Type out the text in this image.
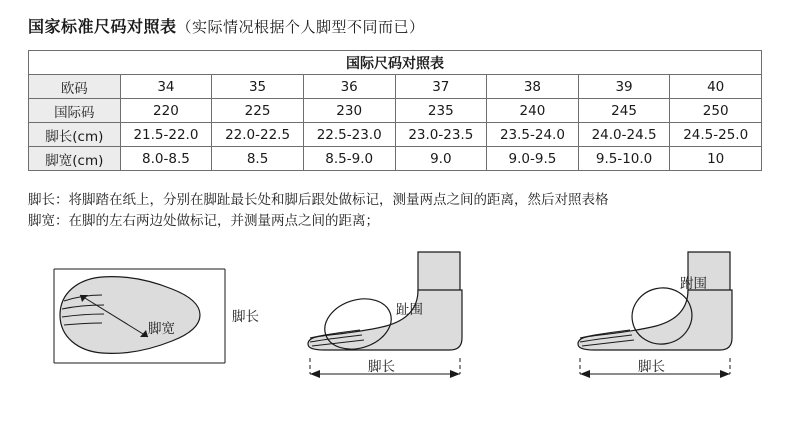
国家标准尺码对照表（实际情况根据个人脚型不同而已）
国际尺码对照表							
欧码	34	35	36	37	38	39	40
国际码	220	225	230	235	240	245	250
脚长(cm)	21.5-22.0	22.0-22.5	22.5-23.0	23.0-23.5	23.5-24.0	24.0-24.5	24.5-25.0
脚宽(cm)	8.0-8.5	8.5	8.5-9.0	9.0	9.0-9.5	9.5-10.0	10
脚长：将脚踏在纸上，分别在脚趾最长处和脚后跟处做标记，测量两点之间的距离，然后对照表格
脚宽：在脚的左右两边处做标记，并测量两点之间的距离；
脚宽
脚长	趾围
脚长
跗围
脚长
